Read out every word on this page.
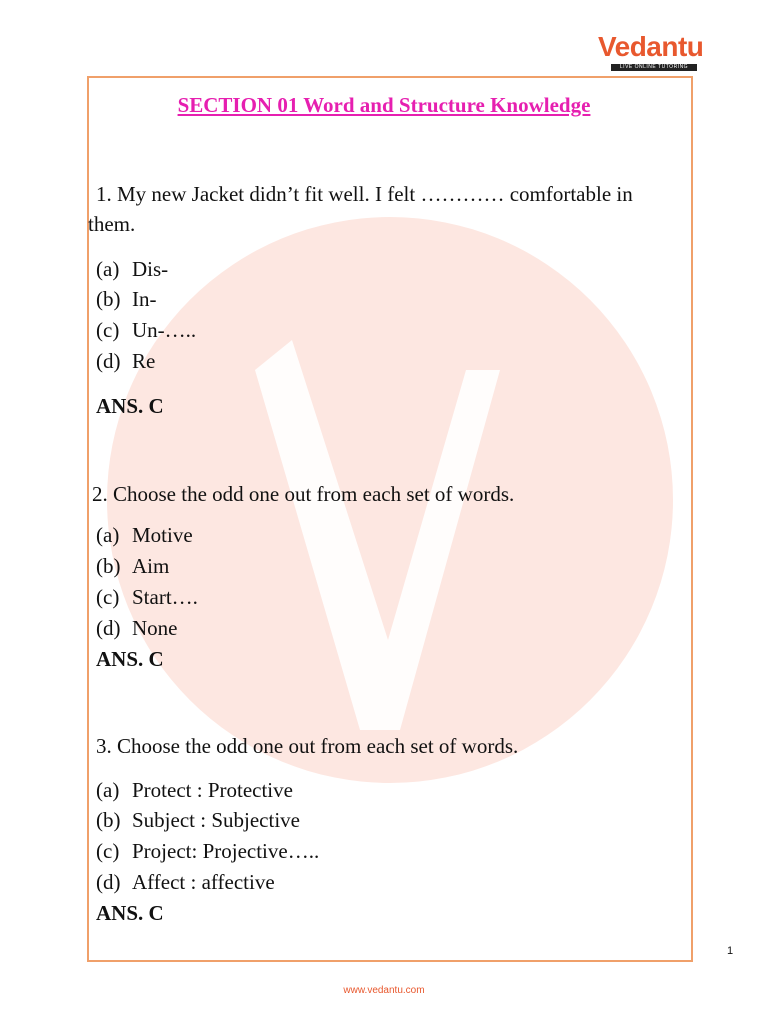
Vedantu
LIVE ONLINE TUTORING
SECTION 01 Word and Structure Knowledge
1. My new Jacket didn’t fit well. I felt ………… comfortable in
them.
(a) Dis-
(b) In-
(c) Un-…..
(d) Re
ANS. C
2. Choose the odd one out from each set of words.
(a) Motive
(b) Aim
(c) Start….
(d) None
ANS. C
3. Choose the odd one out from each set of words.
(a) Protect : Protective
(b) Subject : Subjective
(c) Project: Projective…..
(d) Affect : affective
ANS. C
1
www.vedantu.com
